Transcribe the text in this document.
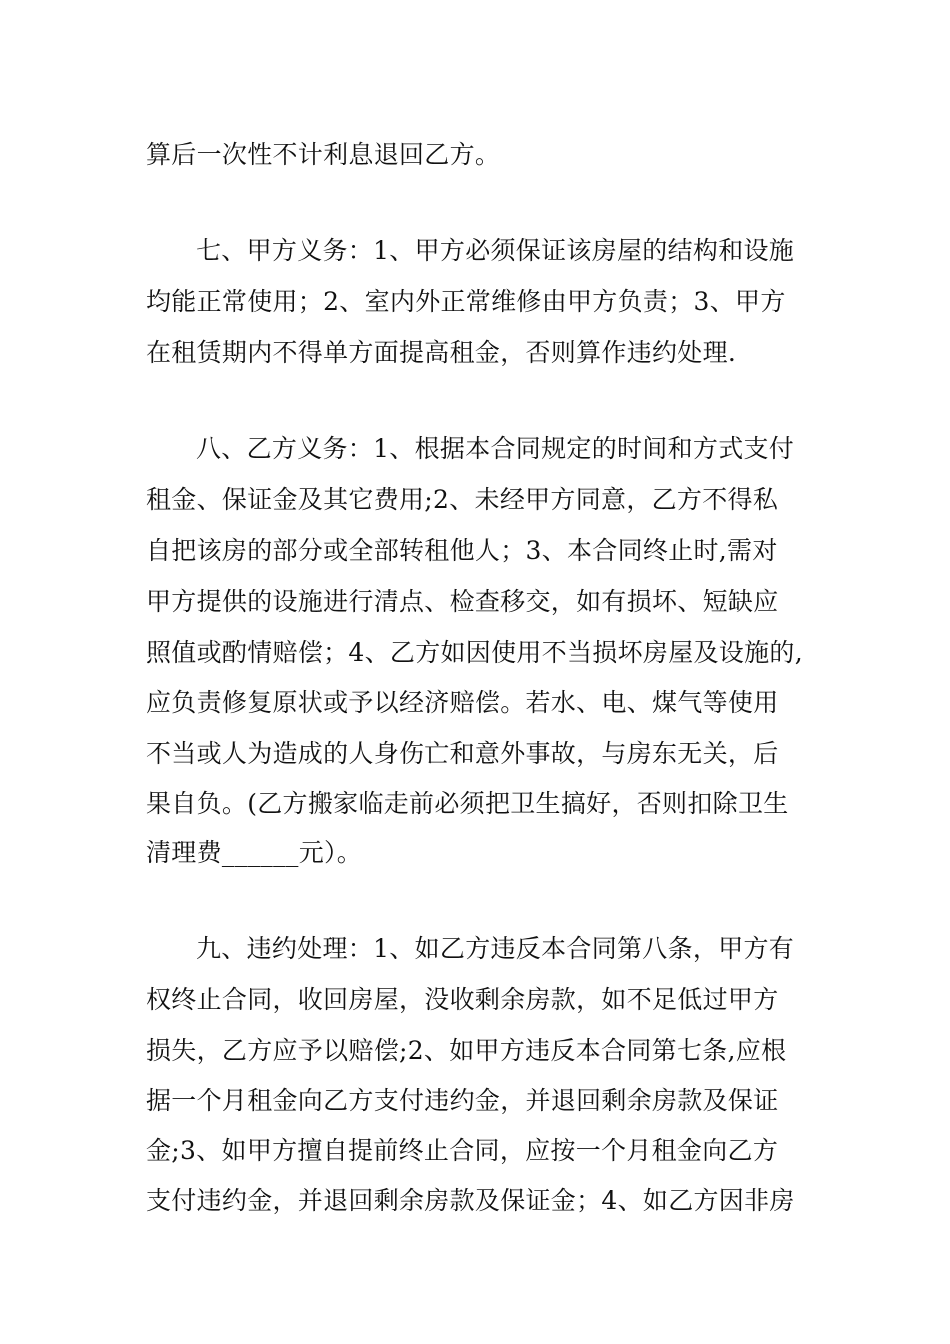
算后一次性不计利息退回乙方。
七、甲方义务：1、甲方必须保证该房屋的结构和设施
均能正常使用；2、室内外正常维修由甲方负责；3、甲方
在租赁期内不得单方面提高租金，否则算作违约处理.
八、乙方义务：1、根据本合同规定的时间和方式支付
租金、保证金及其它费用;2、未经甲方同意，乙方不得私
自把该房的部分或全部转租他人；3、本合同终止时,需对
甲方提供的设施进行清点、检查移交，如有损坏、短缺应
照值或酌情赔偿；4、乙方如因使用不当损坏房屋及设施的,
应负责修复原状或予以经济赔偿。若水、电、煤气等使用
不当或人为造成的人身伤亡和意外事故，与房东无关，后
果自负。(乙方搬家临走前必须把卫生搞好，否则扣除卫生
清理费______元）。
九、违约处理：1、如乙方违反本合同第八条，甲方有
权终止合同，收回房屋，没收剩余房款，如不足低过甲方
损失，乙方应予以赔偿;2、如甲方违反本合同第七条,应根
据一个月租金向乙方支付违约金，并退回剩余房款及保证
金;3、如甲方擅自提前终止合同，应按一个月租金向乙方
支付违约金，并退回剩余房款及保证金；4、如乙方因非房
